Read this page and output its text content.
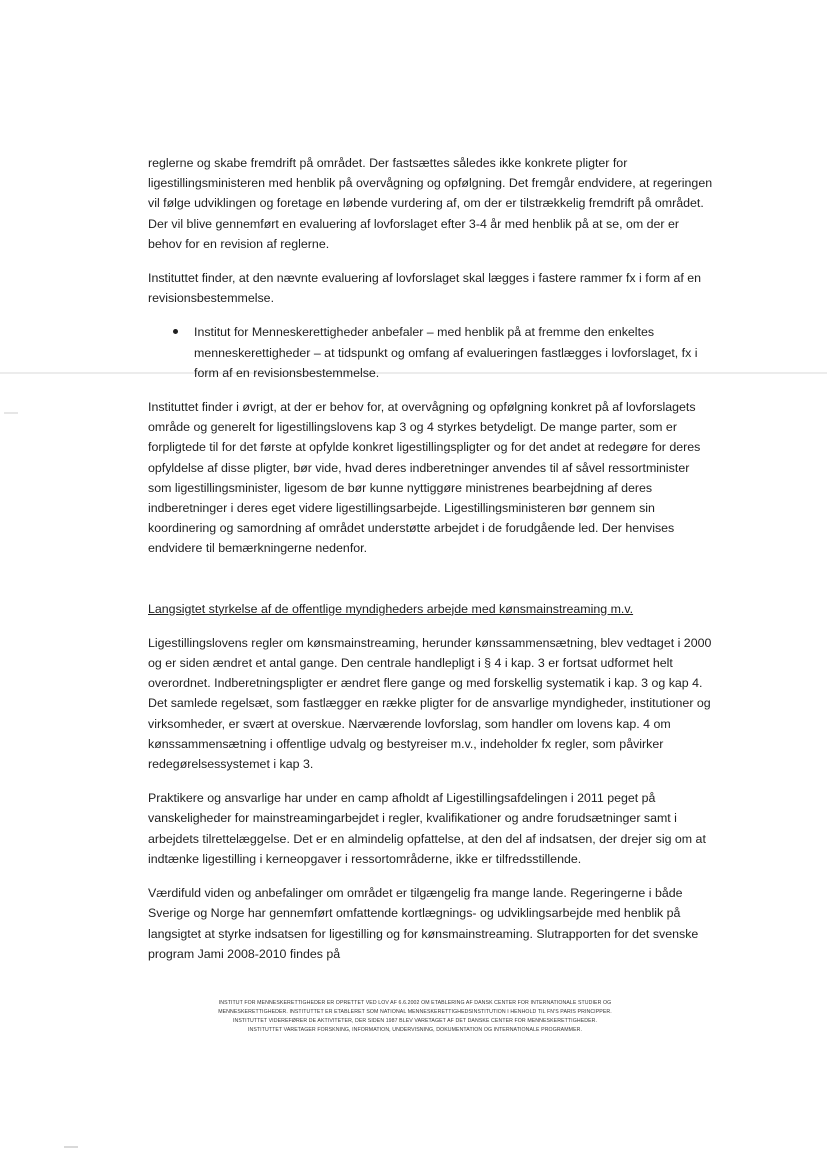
reglerne og skabe fremdrift på området. Der fastsættes således ikke konkrete pligter for ligestillingsministeren med henblik på overvågning og opfølgning. Det fremgår endvidere, at regeringen vil følge udviklingen og foretage en løbende vurdering af, om der er tilstrækkelig fremdrift på området. Der vil blive gennemført en evaluering af lovforslaget efter 3-4 år med henblik på at se, om der er behov for en revision af reglerne.

Instituttet finder, at den nævnte evaluering af lovforslaget skal lægges i fastere rammer fx i form af en revisionsbestemmelse.

Institut for Menneskerettigheder anbefaler – med henblik på at fremme den enkeltes menneskerettigheder – at tidspunkt og omfang af evalueringen fastlægges i lovforslaget, fx i form af en revisionsbestemmelse.

Instituttet finder i øvrigt, at der er behov for, at overvågning og opfølgning konkret på af lovforslagets område og generelt for ligestillingslovens kap 3 og 4 styrkes betydeligt. De mange parter, som er forpligtede til for det første at opfylde konkret ligestillingspligter og for det andet at redegøre for deres opfyldelse af disse pligter, bør vide, hvad deres indberetninger anvendes til af såvel ressortminister som ligestillingsminister, ligesom de bør kunne nyttiggøre ministrenes bearbejdning af deres indberetninger i deres eget videre ligestillingsarbejde. Ligestillingsministeren bør gennem sin koordinering og samordning af området understøtte arbejdet i de forudgående led. Der henvises endvidere til bemærkningerne nedenfor.

Langsigtet styrkelse af de offentlige myndigheders arbejde med kønsmainstreaming m.v.

Ligestillingslovens regler om kønsmainstreaming, herunder kønssammensætning, blev vedtaget i 2000 og er siden ændret et antal gange. Den centrale handlepligt i § 4 i kap. 3 er fortsat udformet helt overordnet. Indberetningspligter er ændret flere gange og med forskellig systematik i kap. 3 og kap 4. Det samlede regelsæt, som fastlægger en række pligter for de ansvarlige myndigheder, institutioner og virksomheder, er svært at overskue. Nærværende lovforslag, som handler om lovens kap. 4 om kønssammensætning i offentlige udvalg og bestyreiser m.v., indeholder fx regler, som påvirker redegørelsessystemet i kap 3.

Praktikere og ansvarlige har under en camp afholdt af Ligestillingsafdelingen i 2011 peget på vanskeligheder for mainstreamingarbejdet i regler, kvalifikationer og andre forudsætninger samt i arbejdets tilrettelæggelse. Det er en almindelig opfattelse, at den del af indsatsen, der drejer sig om at indtænke ligestilling i kerneopgaver i ressortområderne, ikke er tilfredsstillende.

Værdifuld viden og anbefalinger om området er tilgængelig fra mange lande. Regeringerne i både Sverige og Norge har gennemført omfattende kortlægnings- og udviklingsarbejde med henblik på langsigtet at styrke indsatsen for ligestilling og for kønsmainstreaming. Slutrapporten for det svenske program Jami 2008-2010 findes på

INSTITUT FOR MENNESKERETTIGHEDER ER OPRETTET VED LOV AF 6.6.2002 OM ETABLERING AF DANSK CENTER FOR INTERNATIONALE STUDIER OG
MENNESKERETTIGHEDER. INSTITUTTET ER ETABLERET SOM NATIONAL MENNESKERETTIGHEDSINSTITUTION I HENHOLD TIL FN'S PARIS PRINCIPPER.
INSTITUTTET VIDEREFØRER DE AKTIVITETER, DER SIDEN 1987 BLEV VARETAGET AF DET DANSKE CENTER FOR MENNESKERETTIGHEDER.
INSTITUTTET VARETAGER FORSKNING, INFORMATION, UNDERVISNING, DOKUMENTATION OG INTERNATIONALE PROGRAMMER.
